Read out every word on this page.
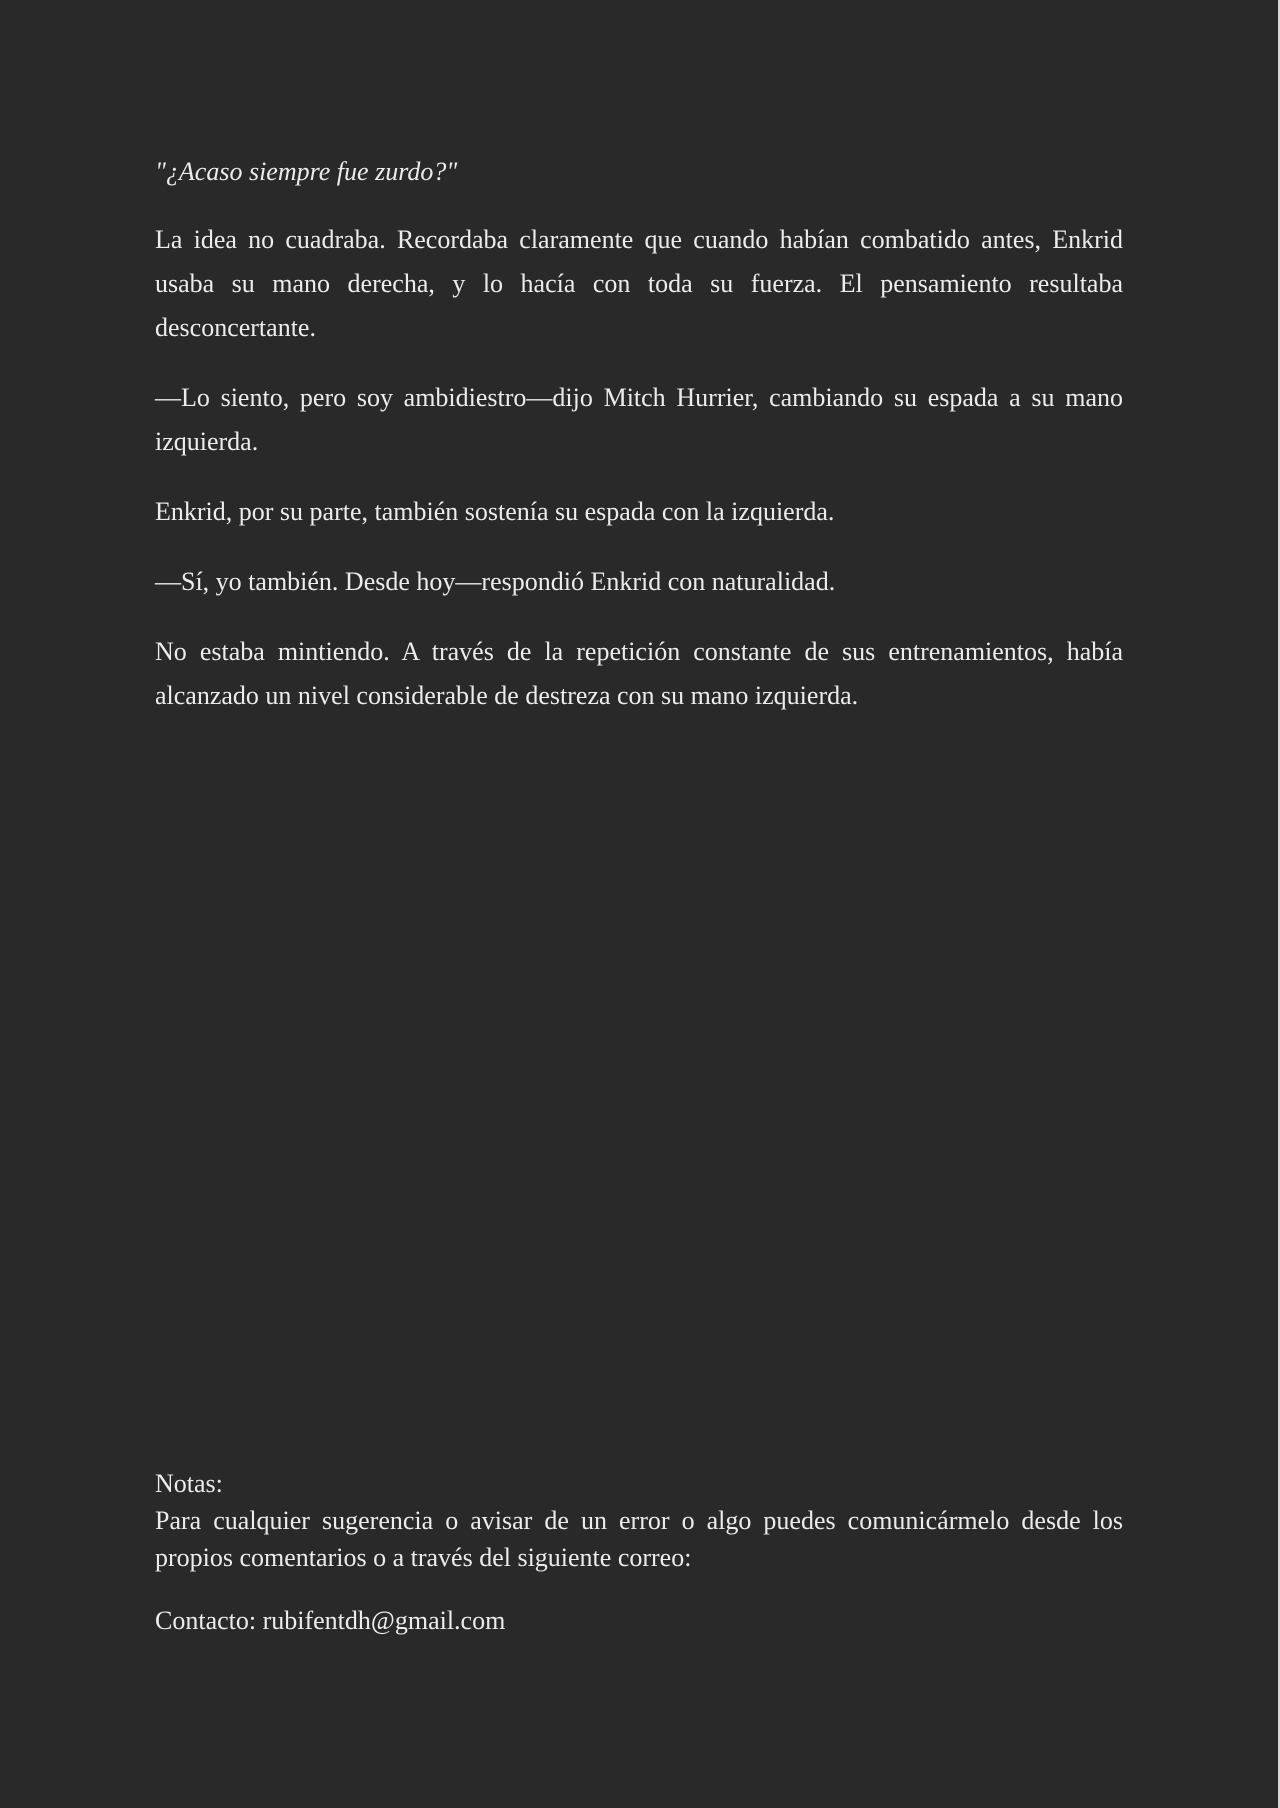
"¿Acaso siempre fue zurdo?"

La idea no cuadraba. Recordaba claramente que cuando habían combatido antes, Enkrid usaba su mano derecha, y lo hacía con toda su fuerza. El pensamiento resultaba desconcertante.

—Lo siento, pero soy ambidiestro—dijo Mitch Hurrier, cambiando su espada a su mano izquierda.

Enkrid, por su parte, también sostenía su espada con la izquierda.

—Sí, yo también. Desde hoy—respondió Enkrid con naturalidad.

No estaba mintiendo. A través de la repetición constante de sus entrenamientos, había alcanzado un nivel considerable de destreza con su mano izquierda.

Notas:

Para cualquier sugerencia o avisar de un error o algo puedes comunicármelo desde los propios comentarios o a través del siguiente correo:

Contacto: rubifentdh@gmail.com
